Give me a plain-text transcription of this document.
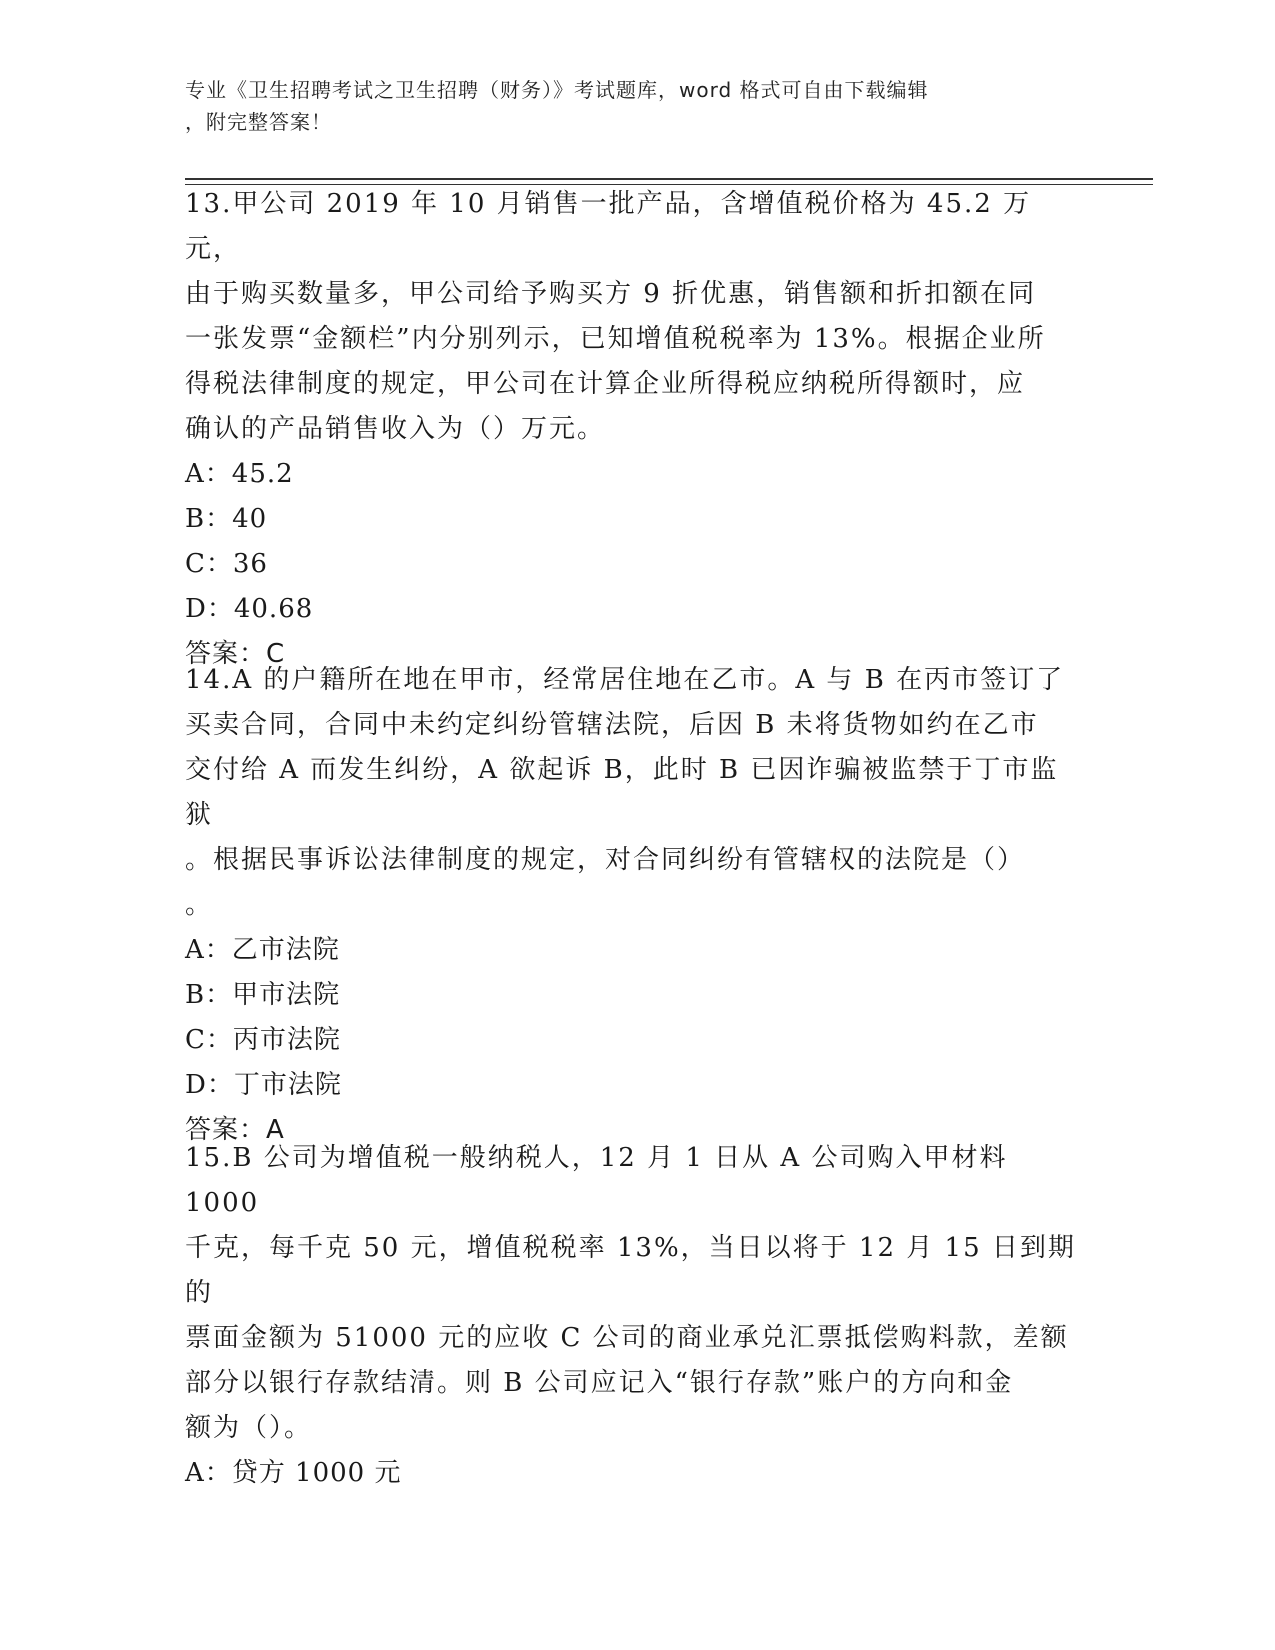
专业《卫生招聘考试之卫生招聘（财务）》考试题库，word 格式可自由下载编辑
，附完整答案！

13.甲公司 2019 年 10 月销售一批产品，含增值税价格为 45.2 万元，

由于购买数量多，甲公司给予购买方 9 折优惠，销售额和折扣额在同

一张发票“金额栏”内分别列示，已知增值税税率为 13%。根据企业所

得税法律制度的规定，甲公司在计算企业所得税应纳税所得额时，应

确认的产品销售收入为（）万元。

A：45.2

B：40

C：36

D：40.68

答案：C

14.A 的户籍所在地在甲市，经常居住地在乙市。A 与 B 在丙市签订了

买卖合同，合同中未约定纠纷管辖法院，后因 B 未将货物如约在乙市

交付给 A 而发生纠纷，A 欲起诉 B，此时 B 已因诈骗被监禁于丁市监狱

。根据民事诉讼法律制度的规定，对合同纠纷有管辖权的法院是（）

。

A：乙市法院

B：甲市法院

C：丙市法院

D：丁市法院

答案：A

15.B 公司为增值税一般纳税人，12 月 1 日从 A 公司购入甲材料 1000

千克，每千克 50 元，增值税税率 13%，当日以将于 12 月 15 日到期的

票面金额为 51000 元的应收 C 公司的商业承兑汇票抵偿购料款，差额

部分以银行存款结清。则 B 公司应记入“银行存款”账户的方向和金

额为（）。

A：贷方 1000 元
